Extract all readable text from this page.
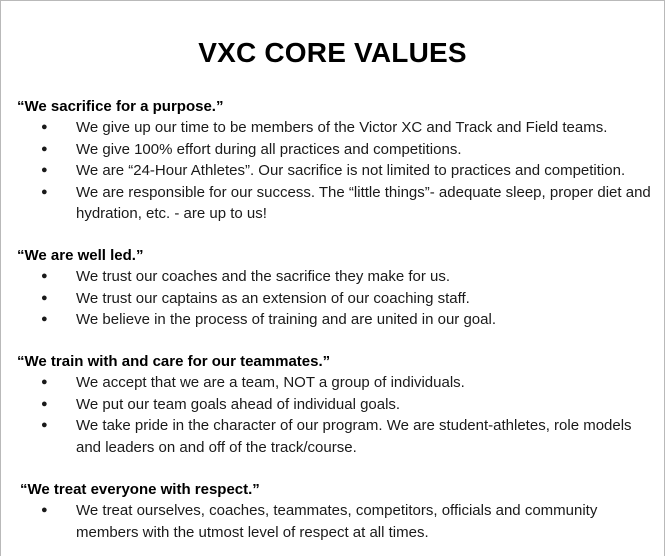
VXC CORE VALUES

“We sacrifice for a purpose.”

● We give up our time to be members of the Victor XC and Track and Field teams.
● We give 100% effort during all practices and competitions.
● We are “24-Hour Athletes”. Our sacrifice is not limited to practices and competition.
● We are responsible for our success. The “little things”- adequate sleep, proper diet and hydration, etc. - are up to us!

“We are well led.”

● We trust our coaches and the sacrifice they make for us.
● We trust our captains as an extension of our coaching staff.
● We believe in the process of training and are united in our goal.

“We train with and care for our teammates.”

● We accept that we are a team, NOT a group of individuals.
● We put our team goals ahead of individual goals.
● We take pride in the character of our program. We are student-athletes, role models and leaders on and off of the track/course.

“We treat everyone with respect.”

● We treat ourselves, coaches, teammates, competitors, officials and community members with the utmost level of respect at all times.
